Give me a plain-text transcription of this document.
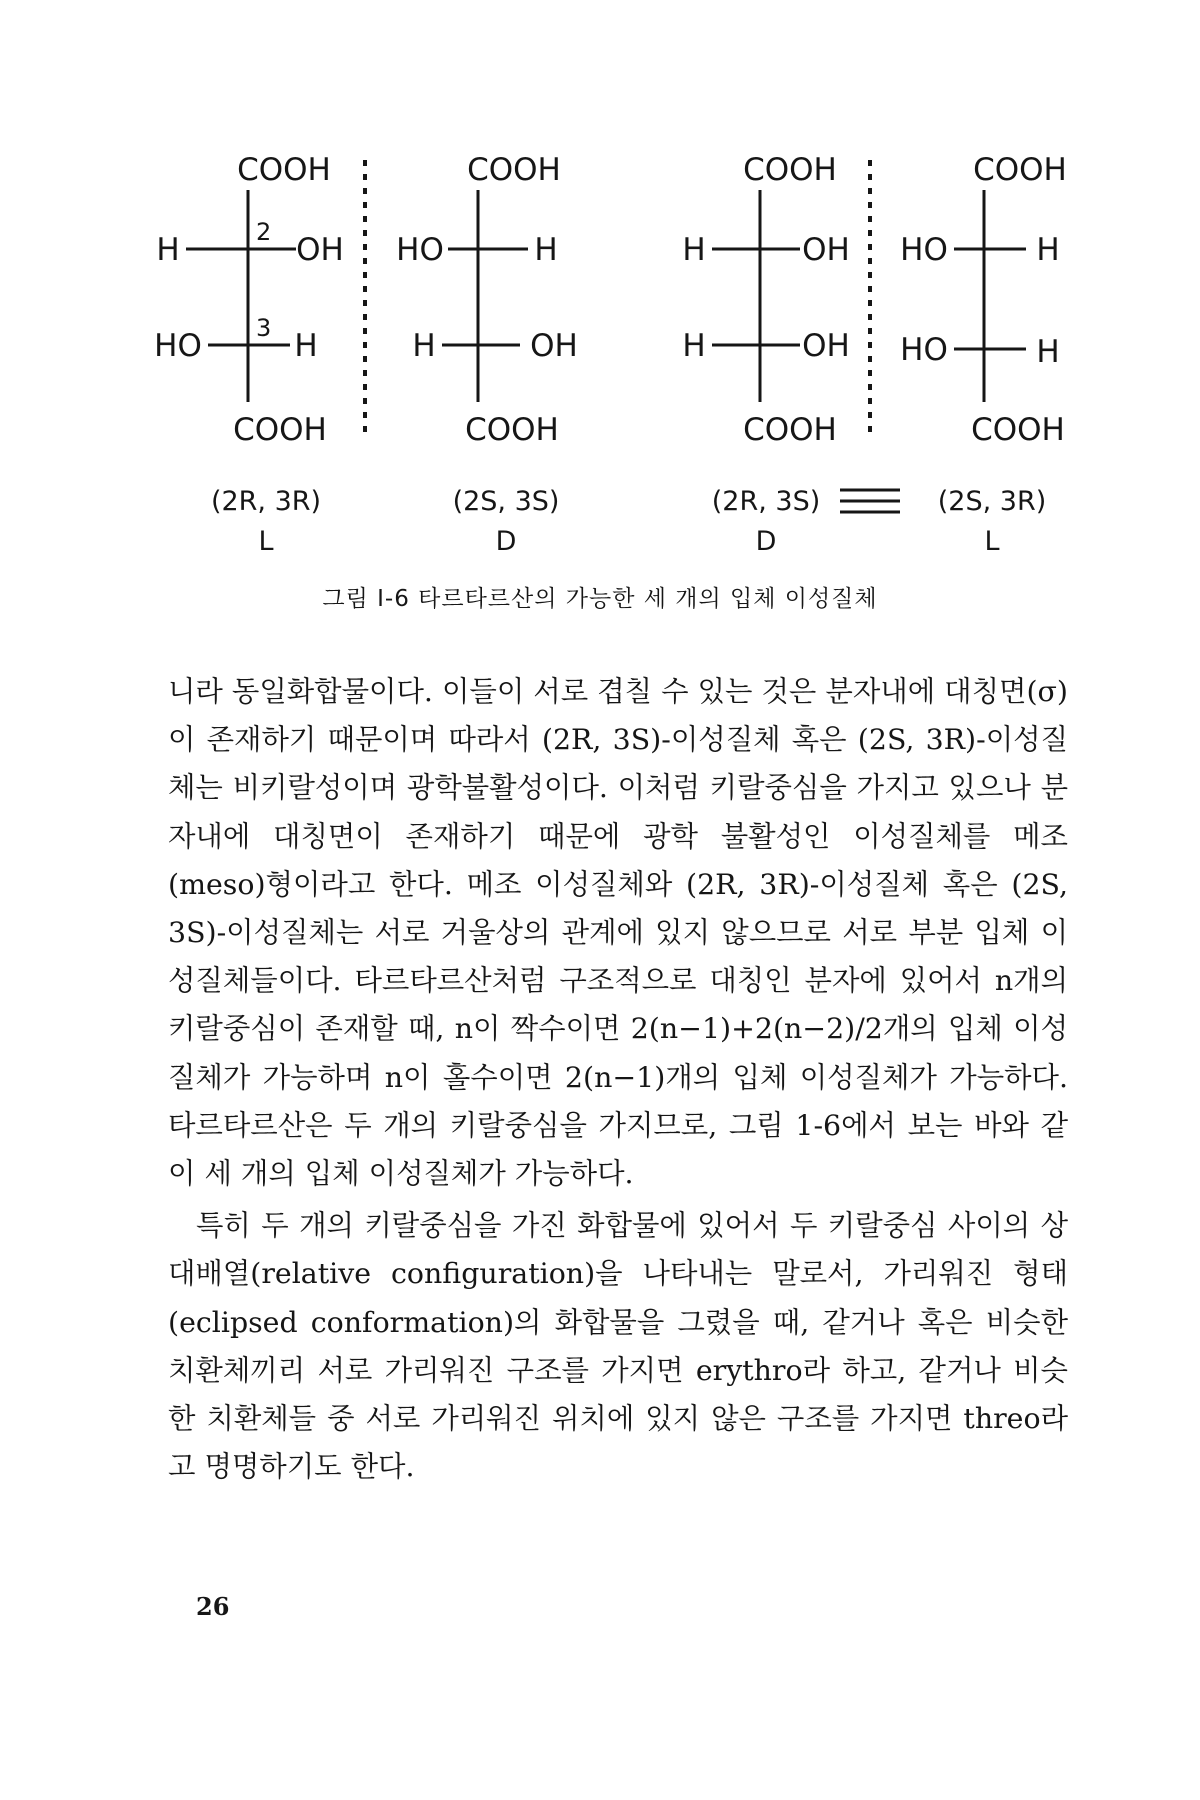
COOH
2
H	OH
3
HO	H
COOH
COOH
HO	H
H	OH
COOH
COOH
H	OH
H	OH
COOH
COOH
HO	H
HO	H
COOH
(2R, 3R)
L
(2S, 3S)
D
(2R, 3S)
D
(2S, 3R)
L
그림 I-6 타르타르산의 가능한 세 개의 입체 이성질체

니라 동일화합물이다. 이들이 서로 겹칠 수 있는 것은 분자내에 대칭면(σ)이 존재하기 때문이며 따라서 (2R, 3S)-이성질체 혹은 (2S, 3R)-이성질체는 비키랄성이며 광학불활성이다. 이처럼 키랄중심을 가지고 있으나 분자내에 대칭면이 존재하기 때문에 광학 불활성인 이성질체를 메조(meso)형이라고 한다. 메조 이성질체와 (2R, 3R)-이성질체 혹은 (2S, 3S)-이성질체는 서로 거울상의 관계에 있지 않으므로 서로 부분 입체 이성질체들이다. 타르타르산처럼 구조적으로 대칭인 분자에 있어서 n개의 키랄중심이 존재할 때, n이 짝수이면 2(n−1)+2(n−2)/2개의 입체 이성질체가 가능하며 n이 홀수이면 2(n−1)개의 입체 이성질체가 가능하다. 타르타르산은 두 개의 키랄중심을 가지므로, 그림 1-6에서 보는 바와 같이 세 개의 입체 이성질체가 가능하다.

특히 두 개의 키랄중심을 가진 화합물에 있어서 두 키랄중심 사이의 상대배열(relative configuration)을 나타내는 말로서, 가리워진 형태(eclipsed conformation)의 화합물을 그렸을 때, 같거나 혹은 비슷한 치환체끼리 서로 가리워진 구조를 가지면 erythro라 하고, 같거나 비슷한 치환체들 중 서로 가리워진 위치에 있지 않은 구조를 가지면 threo라고 명명하기도 한다.

26
